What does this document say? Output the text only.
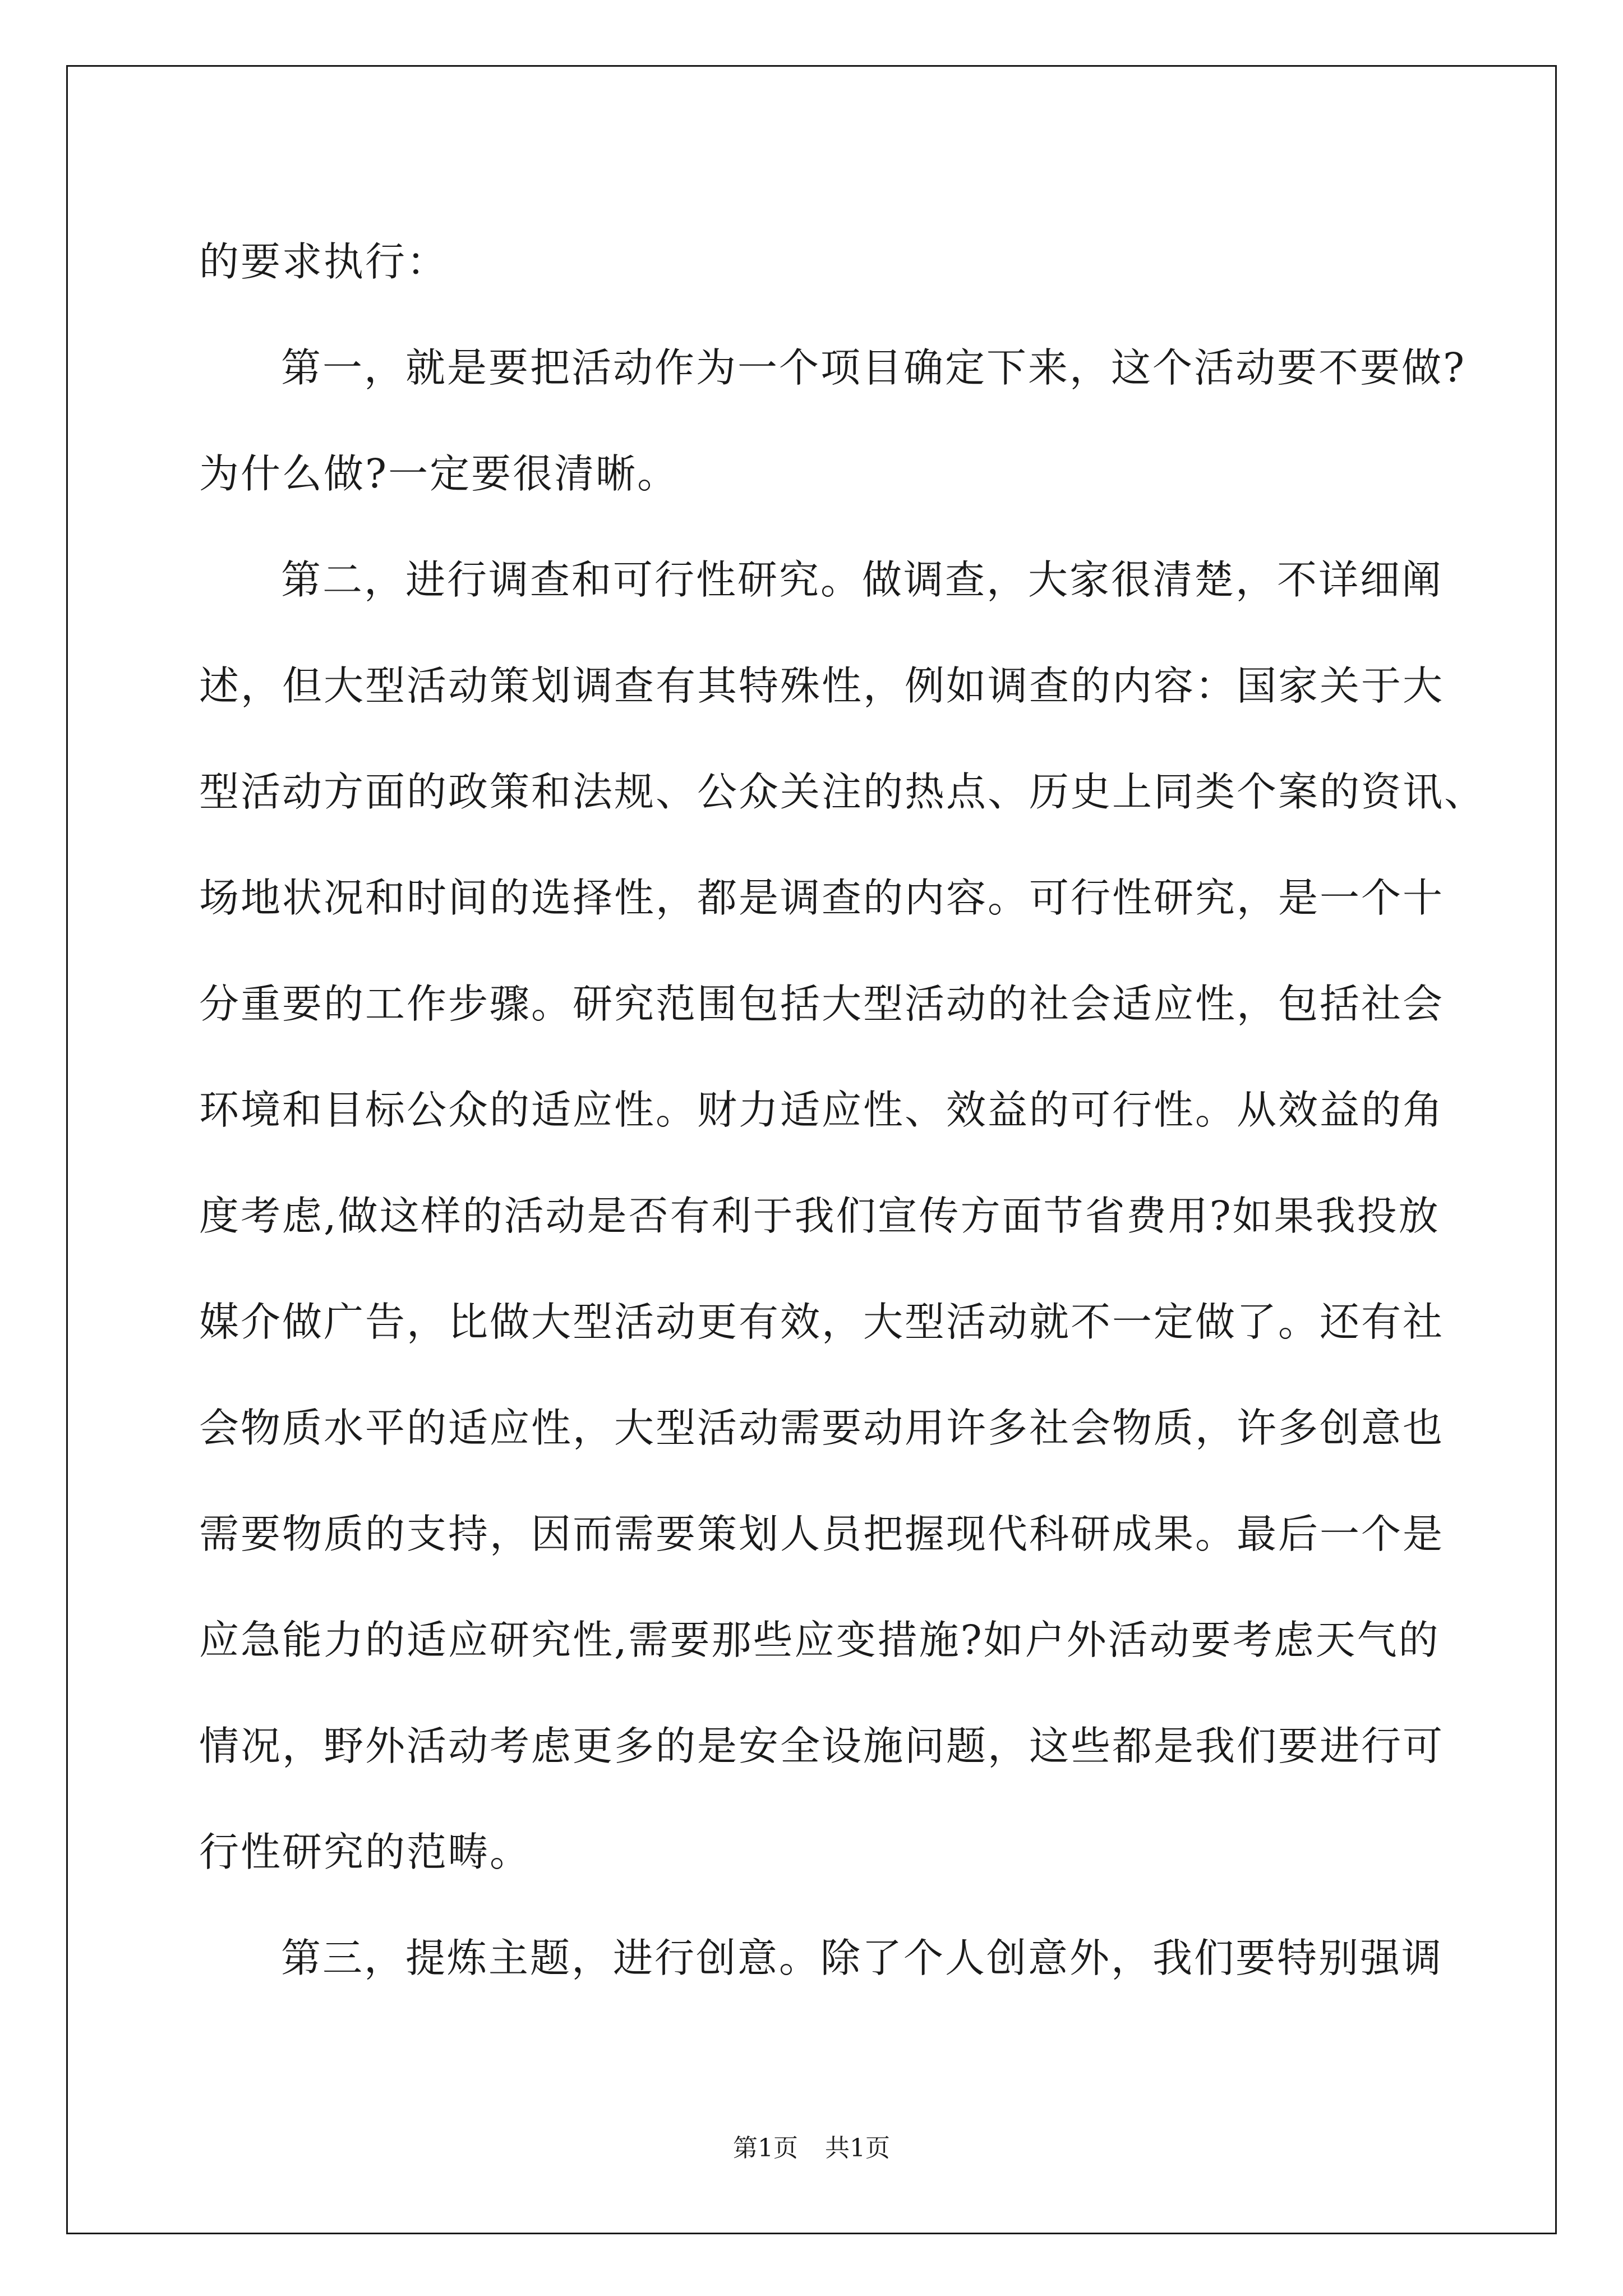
的要求执行：
第一，就是要把活动作为一个项目确定下来，这个活动要不要做?
为什么做?一定要很清晰。
第二，进行调查和可行性研究。做调查，大家很清楚，不详细阐
述，但大型活动策划调查有其特殊性，例如调查的内容：国家关于大
型活动方面的政策和法规、公众关注的热点、历史上同类个案的资讯、
场地状况和时间的选择性，都是调查的内容。可行性研究，是一个十
分重要的工作步骤。研究范围包括大型活动的社会适应性，包括社会
环境和目标公众的适应性。财力适应性、效益的可行性。从效益的角
度考虑,做这样的活动是否有利于我们宣传方面节省费用?如果我投放
媒介做广告，比做大型活动更有效，大型活动就不一定做了。还有社
会物质水平的适应性，大型活动需要动用许多社会物质，许多创意也
需要物质的支持，因而需要策划人员把握现代科研成果。最后一个是
应急能力的适应研究性,需要那些应变措施?如户外活动要考虑天气的
情况，野外活动考虑更多的是安全设施问题，这些都是我们要进行可
行性研究的范畴。
第三，提炼主题，进行创意。除了个人创意外，我们要特别强调
第1页 共1页
